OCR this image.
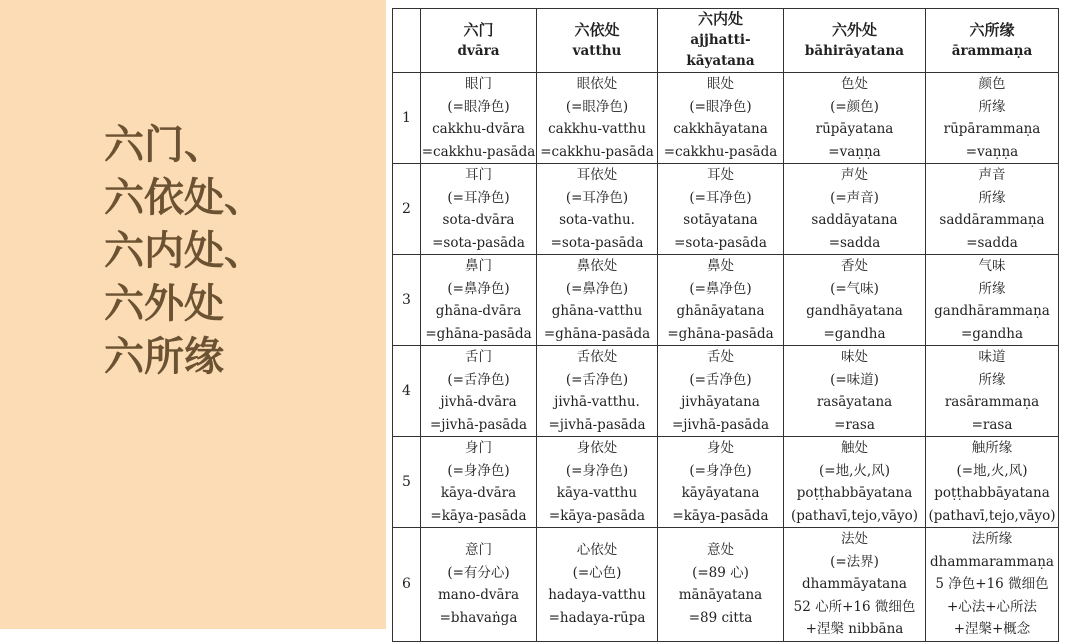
六门、
六依处、
六内处、
六外处
六所缘

	六门
dvāra	六依处
vatthu	六内处
ajjhatti-kāyatana	六外处
bāhirāyatana	六所缘
ārammaṇa

1	眼门
(=眼净色)
cakkhu-dvāra
=cakkhu-pasāda	眼依处
(=眼净色)
cakkhu-vatthu
=cakkhu-pasāda	眼处
(=眼净色)
cakkhāyatana
=cakkhu-pasāda	色处
(=颜色)
rūpāyatana
=vaṇṇa	颜色
所缘
rūpārammaṇa
=vaṇṇa

2	耳门
(=耳净色)
sota-dvāra
=sota-pasāda	耳依处
(=耳净色)
sota-vathu.
=sota-pasāda	耳处
(=耳净色)
sotāyatana
=sota-pasāda	声处
(=声音)
saddāyatana
=sadda	声音
所缘
saddārammaṇa
=sadda

3	鼻门
(=鼻净色)
ghāna-dvāra
=ghāna-pasāda	鼻依处
(=鼻净色)
ghāna-vatthu
=ghāna-pasāda	鼻处
(=鼻净色)
ghānāyatana
=ghāna-pasāda	香处
(=气味)
gandhāyatana
=gandha	气味
所缘
gandhārammaṇa
=gandha

4	舌门
(=舌净色)
jivhā-dvāra
=jivhā-pasāda	舌依处
(=舌净色)
jivhā-vatthu.
=jivhā-pasāda	舌处
(=舌净色)
jivhāyatana
=jivhā-pasāda	味处
(=味道)
rasāyatana
=rasa	味道
所缘
rasārammaṇa
=rasa

5	身门
(=身净色)
kāya-dvāra
=kāya-pasāda	身依处
(=身净色)
kāya-vatthu
=kāya-pasāda	身处
(=身净色)
kāyāyatana
=kāya-pasāda	触处
(=地,火,风)
poṭṭhabbāyatana
(pathavī,tejo,vāyo)	触所缘
(=地,火,风)
poṭṭhabbāyatana
(pathavī,tejo,vāyo)

6	意门
(=有分心)
mano-dvāra
=bhavaṅga	心依处
(=心色)
hadaya-vatthu
=hadaya-rūpa	意处
(=89 心)
mānāyatana
=89 citta	法处
(=法界)
dhammāyatana
52 心所+16 微细色
+涅槃 nibbāna	法所缘
dhammarammaṇa
5 净色+16 微细色
+心法+心所法
+涅槃+概念
